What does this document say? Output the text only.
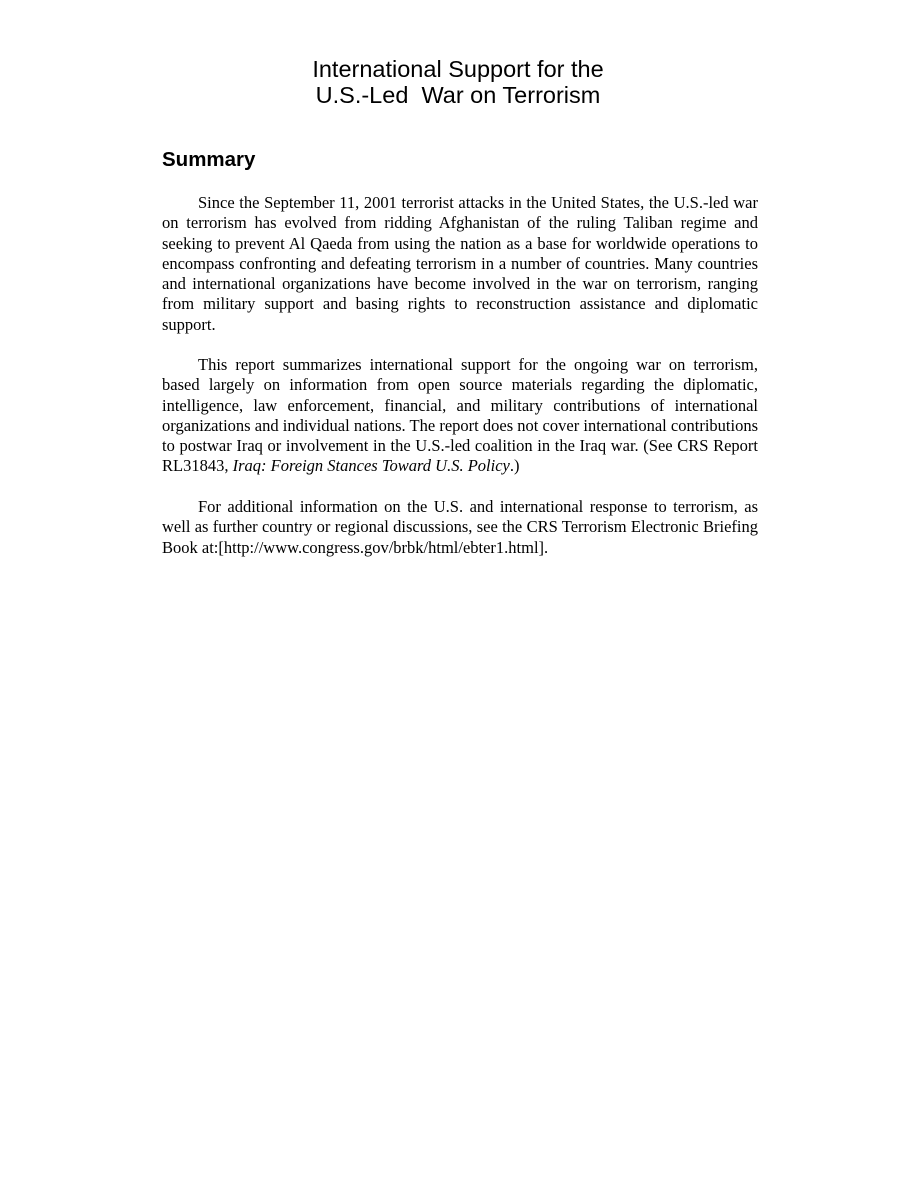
International Support for the
U.S.-Led  War on Terrorism
Summary

Since the September 11, 2001 terrorist attacks in the United States, the U.S.-led war on terrorism has evolved from ridding Afghanistan of the ruling Taliban regime and seeking to prevent Al Qaeda from using the nation as a base for worldwide operations to encompass confronting and defeating terrorism in a number of countries. Many countries and international organizations have become involved in the war on terrorism, ranging from military support and basing rights to reconstruction assistance and diplomatic support.

This report summarizes international support for the ongoing war on terrorism, based largely on information from open source materials regarding the diplomatic, intelligence, law enforcement, financial, and military contributions of international organizations and individual nations. The report does not cover international contributions to postwar Iraq or involvement in the U.S.-led coalition in the Iraq war. (See CRS Report RL31843, Iraq: Foreign Stances Toward U.S. Policy.)

For additional information on the U.S. and international response to terrorism, as well as further country or regional discussions, see the CRS Terrorism Electronic Briefing Book at:[http://www.congress.gov/brbk/html/ebter1.html].
